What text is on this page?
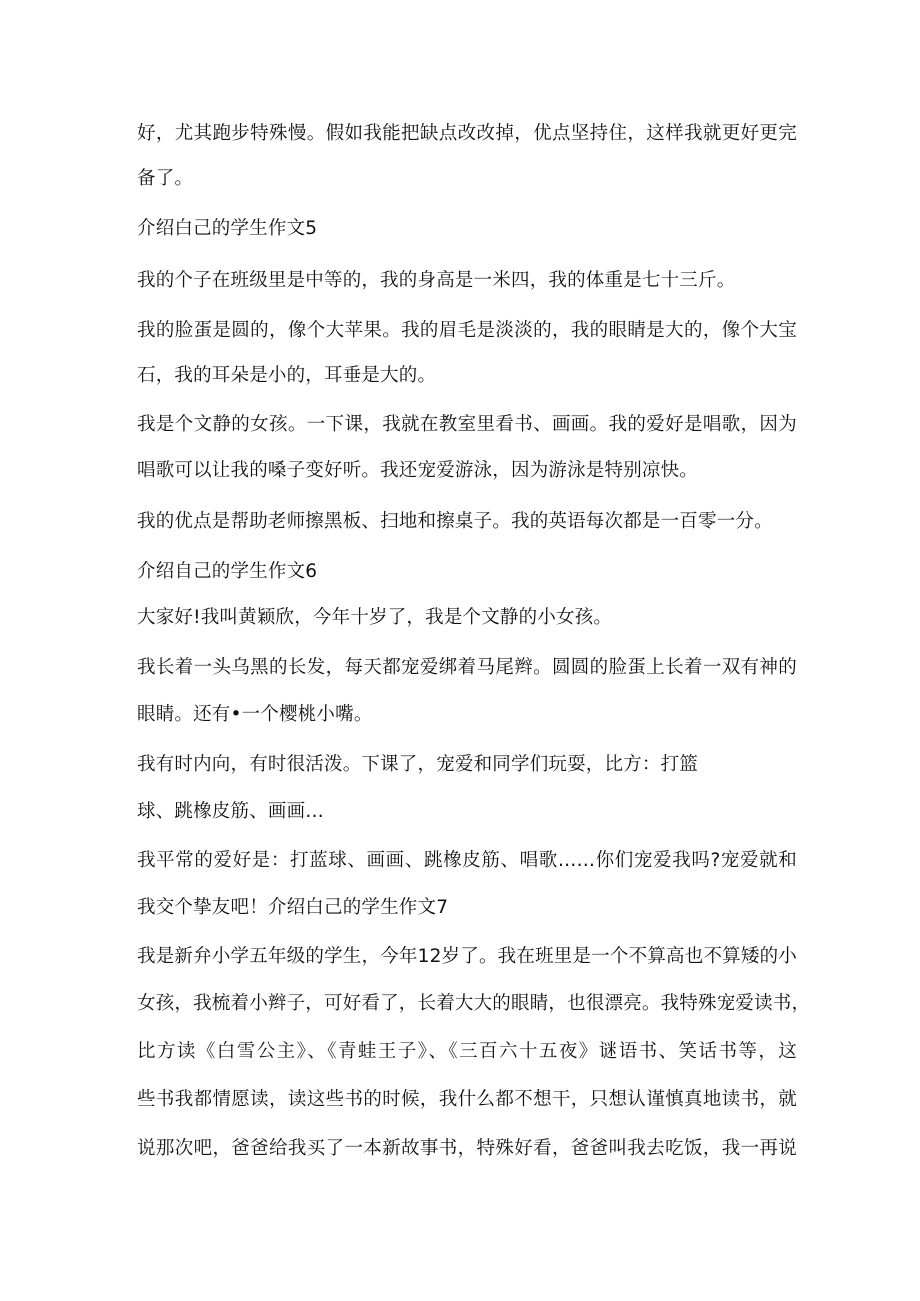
好，尤其跑步特殊慢。假如我能把缺点改改掉，优点坚持住，这样我就更好更完
备了。
介绍白己的学生作文5
我的个子在班级里是中等的，我的身高是一米四，我的体重是七十三斤。
我的脸蛋是圆的，像个大苹果。我的眉毛是淡淡的，我的眼睛是大的，像个大宝
石，我的耳朵是小的，耳垂是大的。
我是个文静的女孩。一下课，我就在教室里看书、画画。我的爱好是唱歌，因为
唱歌可以让我的嗓子变好听。我还宠爱游泳，因为游泳是特别凉快。
我的优点是帮助老师擦黑板、扫地和擦桌子。我的英语每次都是一百零一分。
介绍自己的学生作文6
大家好!我叫黄颖欣，今年十岁了，我是个文静的小女孩。
我长着一头乌黑的长发，每天都宠爱绑着马尾辫。圆圆的脸蛋上长着一双有神的
眼睛。还有•一个樱桃小嘴。
我有时内向，有时很活泼。下课了，宠爱和同学们玩耍，比方：打篮
球、跳橡皮筋、画画…
我平常的爱好是：打蓝球、画画、跳橡皮筋、唱歌……你们宠爱我吗?宠爱就和
我交个挚友吧！介绍白己的学生作文7
我是新弁小学五年级的学生，今年12岁了。我在班里是一个不算高也不算矮的小
女孩，我梳着小辫子，可好看了，长着大大的眼睛，也很漂亮。我特殊宠爱读书，
比方读《白雪公主》、《青蛙王子》、《三百六十五夜》谜语书、笑话书等，这
些书我都情愿读，读这些书的时候，我什么都不想干，只想认谨慎真地读书，就
说那次吧，爸爸给我买了一本新故事书，特殊好看，爸爸叫我去吃饭，我一再说
